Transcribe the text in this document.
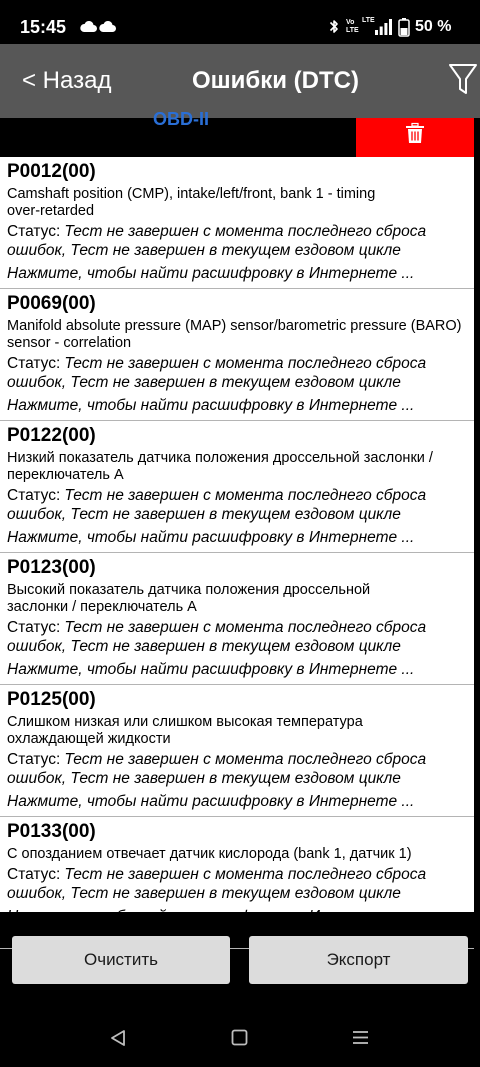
15:45	Vo
LTE
LTE	50 %
< Назад	Ошибки (DTC)
OBD-II
P0012(00)
Camshaft position (CMP), intake/left/front, bank 1 - timing
over-retarded
Статус: Тест не завершен с момента последнего сброса
ошибок, Тест не завершен в текущем ездовом цикле
Нажмите, чтобы найти расшифровку в Интернете ...
P0069(00)
Manifold absolute pressure (MAP) sensor/barometric pressure (BARO)
sensor - correlation
Статус: Тест не завершен с момента последнего сброса
ошибок, Тест не завершен в текущем ездовом цикле
Нажмите, чтобы найти расшифровку в Интернете ...
P0122(00)
Низкий показатель датчика положения дроссельной заслонки /
переключатель A
Статус: Тест не завершен с момента последнего сброса
ошибок, Тест не завершен в текущем ездовом цикле
Нажмите, чтобы найти расшифровку в Интернете ...
P0123(00)
Высокий показатель датчика положения дроссельной
заслонки / переключатель A
Статус: Тест не завершен с момента последнего сброса
ошибок, Тест не завершен в текущем ездовом цикле
Нажмите, чтобы найти расшифровку в Интернете ...
P0125(00)
Слишком низкая или слишком высокая температура
охлаждающей жидкости
Статус: Тест не завершен с момента последнего сброса
ошибок, Тест не завершен в текущем ездовом цикле
Нажмите, чтобы найти расшифровку в Интернете ...
P0133(00)
С опозданием отвечает датчик кислорода (bank 1, датчик 1)
Статус: Тест не завершен с момента последнего сброса
ошибок, Тест не завершен в текущем ездовом цикле
Нажмите, чтобы найти расшифровку в Интернете ...
Очистить	Экспорт
